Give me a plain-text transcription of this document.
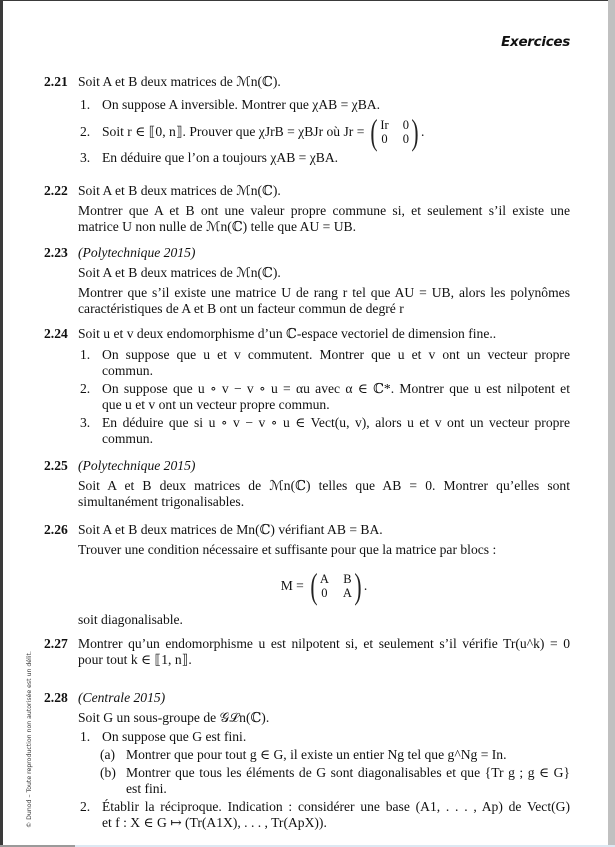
Exercices
© Dunod – Toute reproduction non autorisée est un délit.
2.21 Soit A et B deux matrices de ℳn(ℂ).
1. On suppose A inversible. Montrer que χAB = χBA.
2. Soit r ∈ ⟦0, n⟧. Prouver que χJrB = χBJr où Jr = ( Ir 0
0 0 ) .
3. En déduire que l’on a toujours χAB = χBA.
2.22 Soit A et B deux matrices de ℳn(ℂ).
Montrer que A et B ont une valeur propre commune si, et seulement s’il existe une
matrice U non nulle de ℳn(ℂ) telle que AU = UB.
2.23 (Polytechnique 2015)
Soit A et B deux matrices de ℳn(ℂ).
Montrer que s’il existe une matrice U de rang r tel que AU = UB, alors les polynômes
caractéristiques de A et B ont un facteur commun de degré r
2.24 Soit u et v deux endomorphisme d’un ℂ-espace vectoriel de dimension fine..
1. On suppose que u et v commutent. Montrer que u et v ont un vecteur propre
commun.
2. On suppose que u ∘ v − v ∘ u = αu avec α ∈ ℂ*. Montrer que u est nilpotent et
que u et v ont un vecteur propre commun.
3. En déduire que si u ∘ v − v ∘ u ∈ Vect(u, v), alors u et v ont un vecteur propre
commun.
2.25 (Polytechnique 2015)
Soit A et B deux matrices de ℳn(ℂ) telles que AB = 0. Montrer qu’elles sont
simultanément trigonalisables.
2.26 Soit A et B deux matrices de Mn(ℂ) vérifiant AB = BA.
Trouver une condition nécessaire et suffisante pour que la matrice par blocs :
M = ( A B
0 A ) .
soit diagonalisable.
2.27 Montrer qu’un endomorphisme u est nilpotent si, et seulement s’il vérifie Tr(u^k) = 0
pour tout k ∈ ⟦1, n⟧.
2.28 (Centrale 2015)
Soit G un sous-groupe de 𝒢ℒn(ℂ).
1. On suppose que G est fini.
(a) Montrer que pour tout g ∈ G, il existe un entier Ng tel que g^Ng = In.
(b) Montrer que tous les éléments de G sont diagonalisables et que {Tr g ; g ∈ G}
est fini.
2. Établir la réciproque. Indication : considérer une base (A1, . . . , Ap) de Vect(G)
et f : X ∈ G ↦ (Tr(A1X), . . . , Tr(ApX)).
